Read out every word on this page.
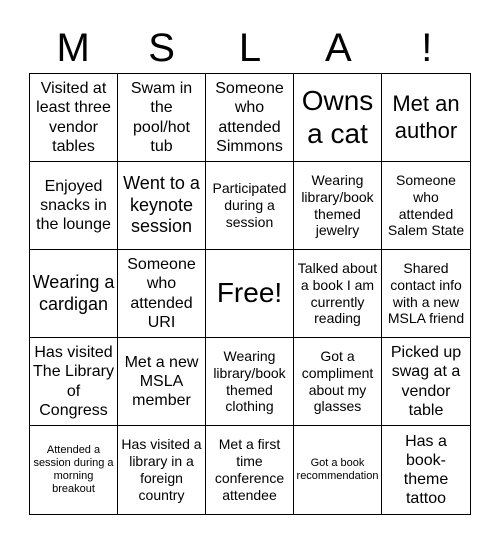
M	S	L	A	!
Visited at least three vendor tables
Swam in the pool/hot tub
Someone who attended Simmons
Owns a cat
Met an author
Enjoyed snacks in the lounge
Went to a keynote session
Participated during a session
Wearing library/book themed jewelry
Someone who attended Salem State
Wearing a cardigan
Someone who attended URI
Free!
Talked about a book I am currently reading
Shared contact info with a new MSLA friend
Has visited The Library of Congress
Met a new MSLA member
Wearing library/book themed clothing
Got a compliment about my glasses
Picked up swag at a vendor table
Attended a session during a morning breakout
Has visited a library in a foreign country
Met a first time conference attendee
Got a book recommendation
Has a book-theme tattoo
